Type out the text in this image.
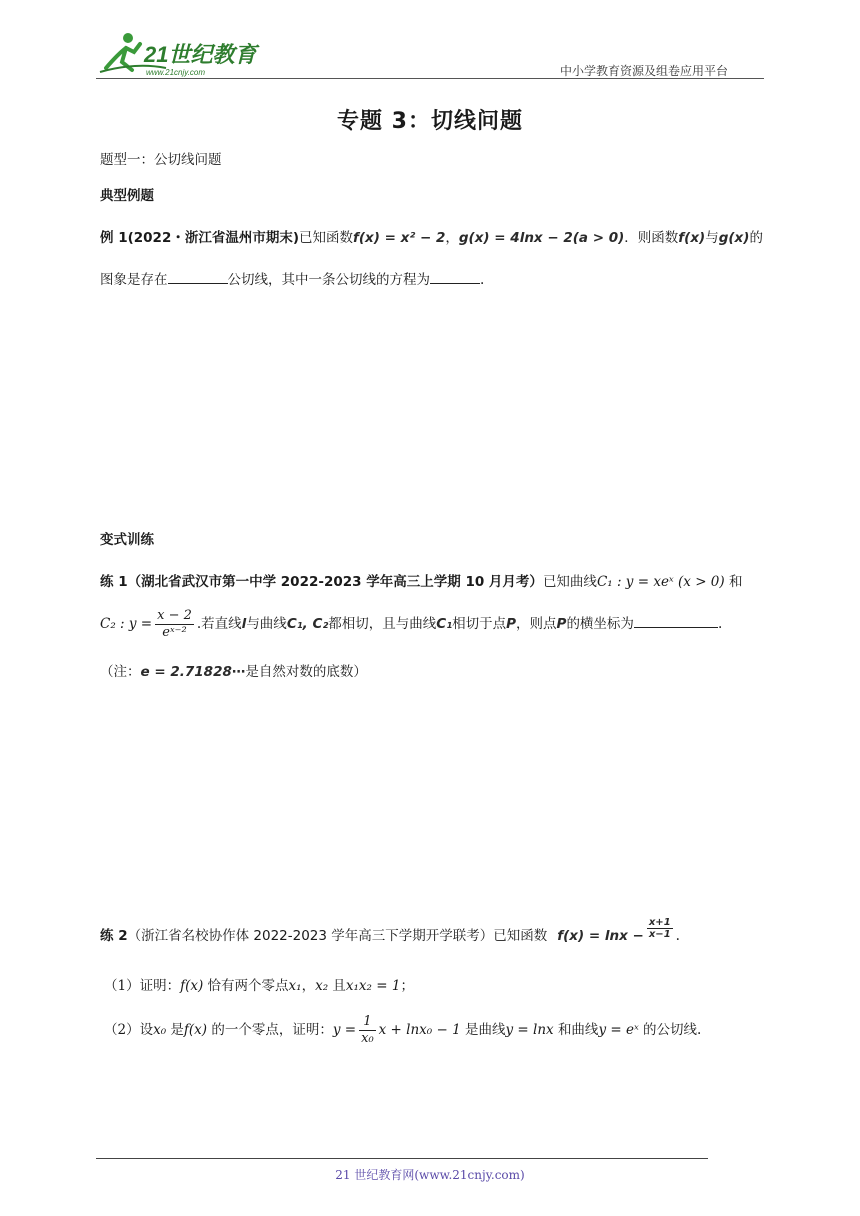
21世纪教育
www.21cnjy.com	中小学教育资源及组卷应用平台
专题 3：切线问题
题型一：公切线问题
典型例题
例 1(2022・浙江省温州市期末)已知函数f(x) = x² − 2，g(x) = 4lnx − 2(a > 0)．则函数f(x)与g(x)的
图象是存在	公切线，其中一条公切线的方程为	.
变式训练
练 1（湖北省武汉市第一中学 2022-2023 学年高三上学期 10 月月考）已知曲线C₁ : y = xeˣ (x > 0) 和
C₂ : $y = \frac{x - 2}{\text{eˣ⁻²}}$ .若直线l与曲线C₁, C₂都相切，且与曲线C₁相切于点P，则点P的横坐标为	.
（注：e = 2.71828⋯是自然对数的底数）
练 2（浙江省名校协作体 2022-2023 学年高三下学期开学联考）已知函数 $f(x) = \ln x - \frac{x+1}{x-1}$ .
（1）证明：f(x) 恰有两个零点x₁，x₂ 且x₁x₂ = 1；
（2）设x₀ 是f(x) 的一个零点，证明：$y = \frac{1}{\text{x₀}}$ x + lnx₀ − 1 是曲线y = lnx 和曲线y = eˣ 的公切线.
21 世纪教育网(www.21cnjy.com)
